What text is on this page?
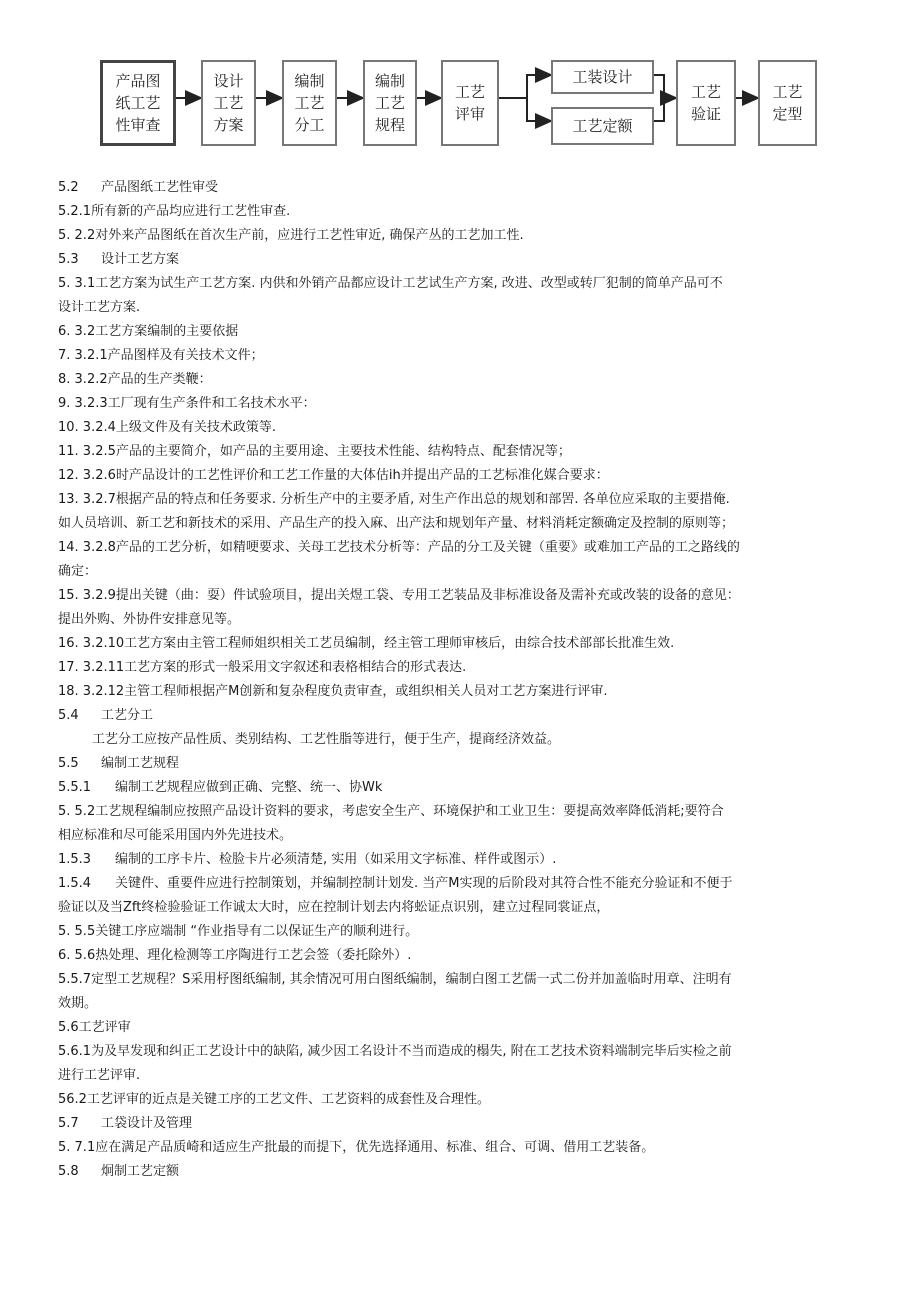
产品图
纸工艺
性审查
设计
工艺
方案
编制
工艺
分工
编制
工艺
规程
工艺
评审
工装设计
工艺定额
工艺
验证
工艺
定型
5.2 产品图纸工艺性审受
5.2.1所有新的产品均应进行工艺性审查.
5. 2.2对外来产品图纸在首次生产前，应进行工艺性审近, 确保产丛的工艺加工性.
5.3 设计工艺方案
5. 3.1工艺方案为试生产工艺方案. 内供和外销产品都应设计工艺试生产方案, 改进、改型或转厂犯制的简单产品可不
设计工艺方案.
6. 3.2工艺方案编制的主要依据
7. 3.2.1产品图样及有关技术文件；
8. 3.2.2产品的生产类鞭：
9. 3.2.3工厂现有生产条件和工名技术水平：
10. 3.2.4上级文件及有关技术政策等.
11. 3.2.5产品的主要简介，如产品的主要用途、主要技术性能、结构特点、配套情况等；
12. 3.2.6时产品设计的工艺性评价和工艺工作量的大体估ih并提出产品的工艺标准化媒合要求：
13. 3.2.7根据产品的特点和任务要求. 分析生产中的主要矛盾, 对生产作出总的规划和部罟. 各单位应采取的主要措俺.
如人员培训、新工艺和新技术的采用、产品生产的投入麻、出产法和规划年产量、材料消耗定额确定及控制的原则等；
14. 3.2.8产品的工艺分析，如精哽要求、关母工艺技术分析等：产品的分工及关键（重要》或难加工产品的工之路线的
确定：
15. 3.2.9提出关键（曲：耍）件试验项目，提出关煜工袋、专用工艺装品及非标准设备及需补充或改装的设备的意见：
提出外购、外协件安排意见等。
16. 3.2.10工艺方案由主管工程师姐织相关工艺员编制，经主管工理师审核后，由综合技术部部长批准生效.
17. 3.2.11工艺方案的形式一般采用文字叙述和表格相结合的形式表达.
18. 3.2.12主管工程师根据产M创新和复杂程度负责审查，或组织相关人员对工艺方案进行评审.
5.4 工艺分工
工艺分工应按产品性质、类别结构、工艺性脂等进行，便于生产，提商经济效益。
5.5 编制工艺规程
5.5.1 编制工艺规程应做到正确、完整、统一、协Wk
5. 5.2工艺规程编制应按照产品设计资料的要求，考虑安全生产、环境保护和工业卫生：要提高效率降低消耗;要符合
相应标准和尽可能采用国内外先进技术。
1.5.3 编制的工序卡片、检脸卡片必须清楚, 实用（如采用文字标准、样件或图示）.
1.5.4 关键件、重要件应进行控制策划，并编制控制计划发. 当产M实现的后阶段对其符合性不能充分验证和不便于
验证以及当Zft终检验验证工作诚太大时，应在控制计划去内将蚣证点识别，建立过程同裳证点，
5. 5.5关键工序应端制 “作业指导有二以保证生产的顺利进行。
6. 5.6热处理、理化检测等工序陶进行工艺会签（委托除外）.
5.5.7定型工艺规程？S采用杼图纸编制, 其余情况可用白图纸编制，编制白图工艺儒一式二份并加盖临时用章、注明有
效期。
5.6工艺评审
5.6.1为及早发现和纠正工艺设计中的缺陷, 减少因工名设计不当而造成的榻失, 附在工艺技术资料端制完毕后实检之前
进行工艺评审.
56.2工艺评审的近点是关键工序的工艺文件、工艺资料的成套性及合理性。
5.7 工袋设计及管理
5. 7.1应在满足产品质崎和适应生产批最的而提下，优先选择通用、标准、组合、可调、借用工艺装备。
5.8 炯制工艺定额
